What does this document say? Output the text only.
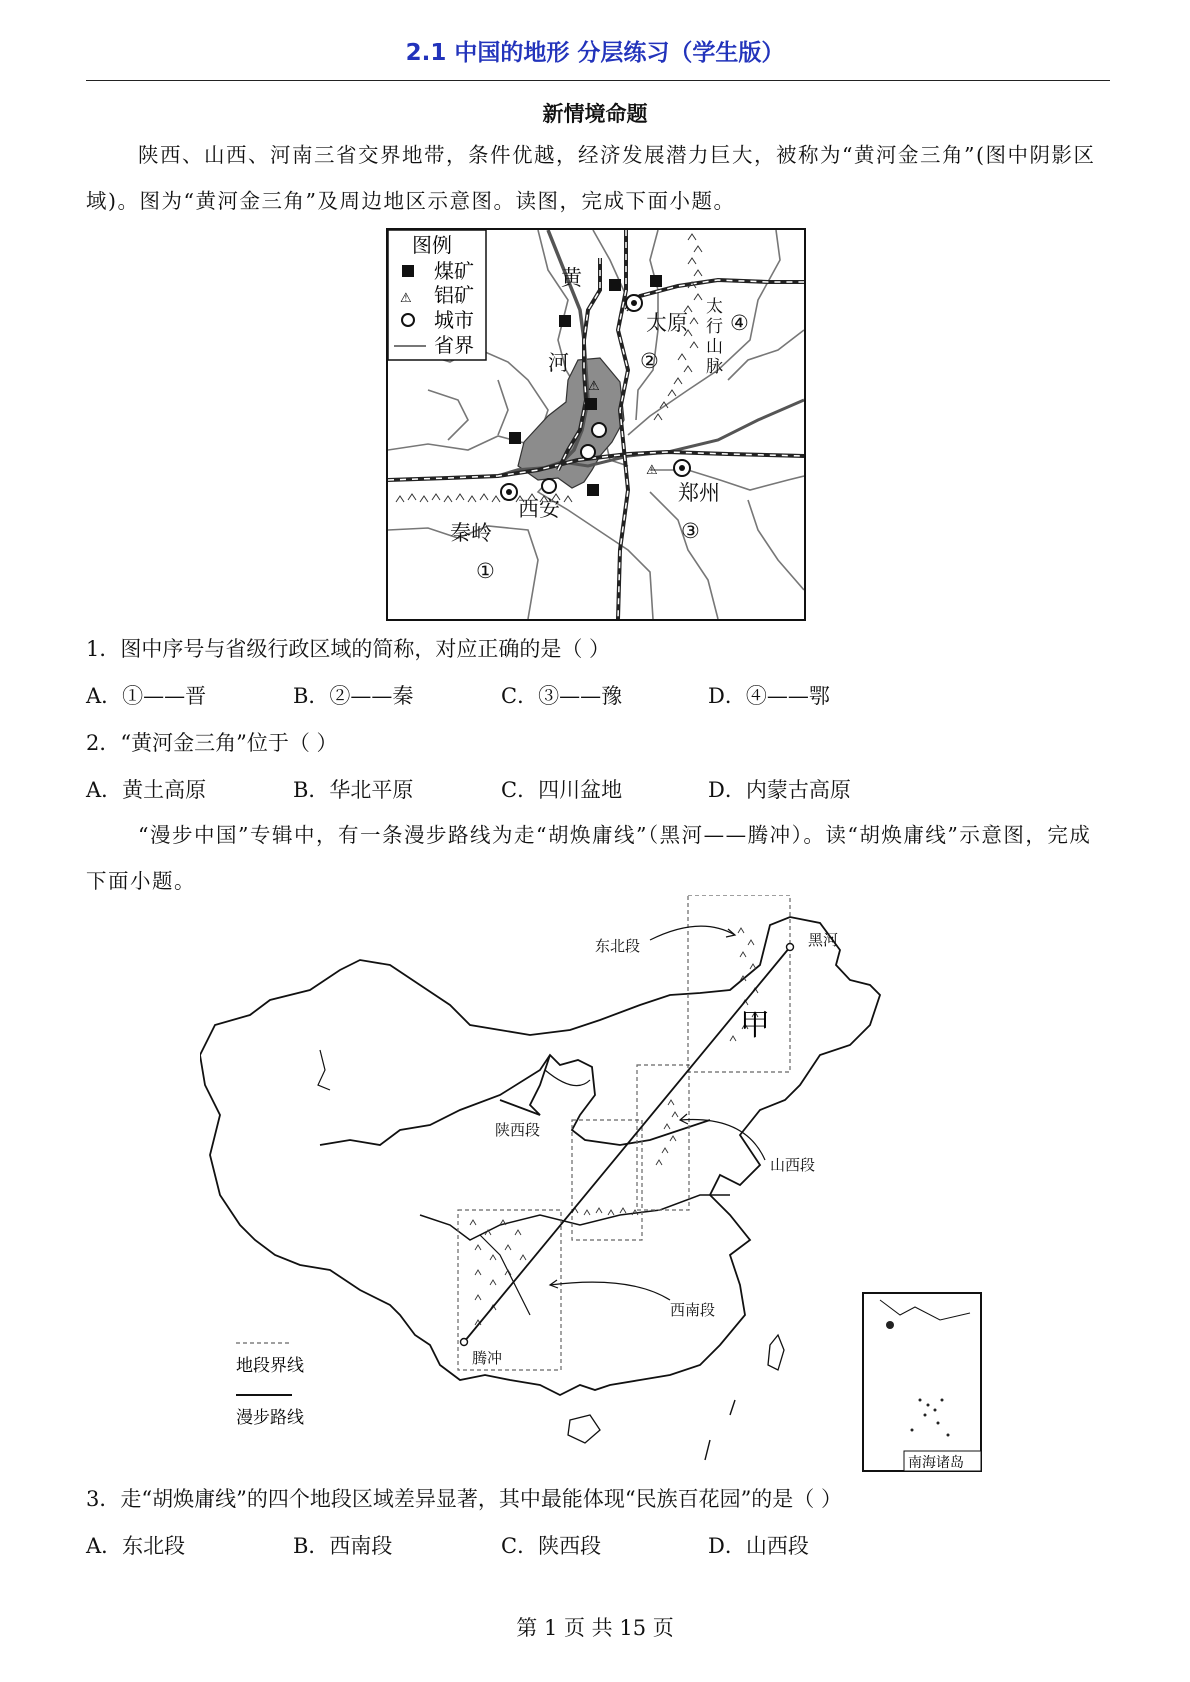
2.1 中国的地形 分层练习（学生版）
新情境命题
陕西、山西、河南三省交界地带，条件优越，经济发展潜力巨大，被称为“黄河金三角”(图中阴影区域)。图为“黄河金三角”及周边地区示意图。读图，完成下面小题。
⚠
⚠
图例
煤矿
⚠ 铝矿
城市
省界
黄
河
太原
②
④
郑州
③
西安
秦岭
①
太
行
山
脉
1．图中序号与省级行政区域的简称，对应正确的是（ ）
A．①——晋	B．②——秦	C．③——豫	D．④——鄂
2．“黄河金三角”位于（ ）
A．黄土高原	B．华北平原	C．四川盆地	D．内蒙古高原
“漫步中国”专辑中，有一条漫步路线为走“胡焕庸线”（黑河——腾冲）。读“胡焕庸线”示意图，完成下面小题。
东北段	黑河
陕西段
山西段
西南段
腾冲
甲
地段界线
漫步路线
南海诸岛
3．走“胡焕庸线”的四个地段区域差异显著，其中最能体现“民族百花园”的是（ ）
A．东北段	B．西南段	C．陕西段	D．山西段
第 1 页 共 15 页
